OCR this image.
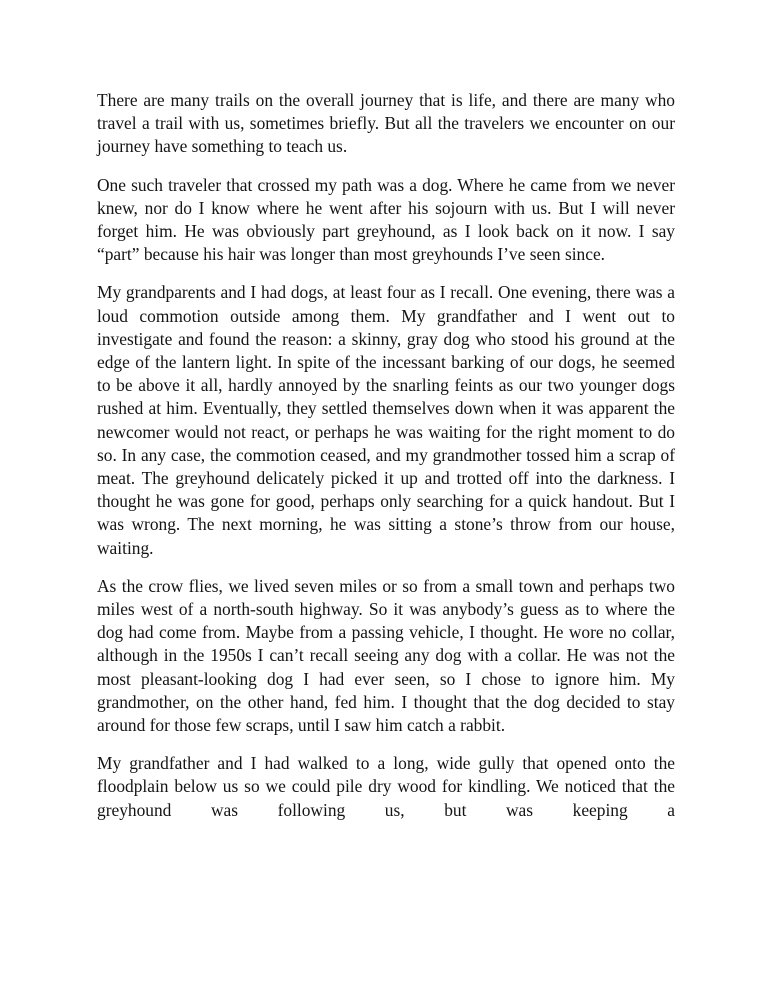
There are many trails on the overall journey that is life, and there are many who travel a trail with us, sometimes briefly. But all the travelers we encounter on our journey have something to teach us.

One such traveler that crossed my path was a dog. Where he came from we never knew, nor do I know where he went after his sojourn with us. But I will never forget him. He was obviously part greyhound, as I look back on it now. I say “part” because his hair was longer than most greyhounds I’ve seen since.

My grandparents and I had dogs, at least four as I recall. One evening, there was a loud commotion outside among them. My grandfather and I went out to investigate and found the reason: a skinny, gray dog who stood his ground at the edge of the lantern light. In spite of the incessant barking of our dogs, he seemed to be above it all, hardly annoyed by the snarling feints as our two younger dogs rushed at him. Eventually, they settled themselves down when it was apparent the newcomer would not react, or perhaps he was waiting for the right moment to do so. In any case, the commotion ceased, and my grandmother tossed him a scrap of meat. The greyhound delicately picked it up and trotted off into the darkness. I thought he was gone for good, perhaps only searching for a quick handout. But I was wrong. The next morning, he was sitting a stone’s throw from our house, waiting.

As the crow flies, we lived seven miles or so from a small town and perhaps two miles west of a north-south highway. So it was anybody’s guess as to where the dog had come from. Maybe from a passing vehicle, I thought. He wore no collar, although in the 1950s I can’t recall seeing any dog with a collar. He was not the most pleasant-looking dog I had ever seen, so I chose to ignore him. My grandmother, on the other hand, fed him. I thought that the dog decided to stay around for those few scraps, until I saw him catch a rabbit.

My grandfather and I had walked to a long, wide gully that opened onto the floodplain below us so we could pile dry wood for kindling. We noticed that the greyhound was following us, but was keeping a
